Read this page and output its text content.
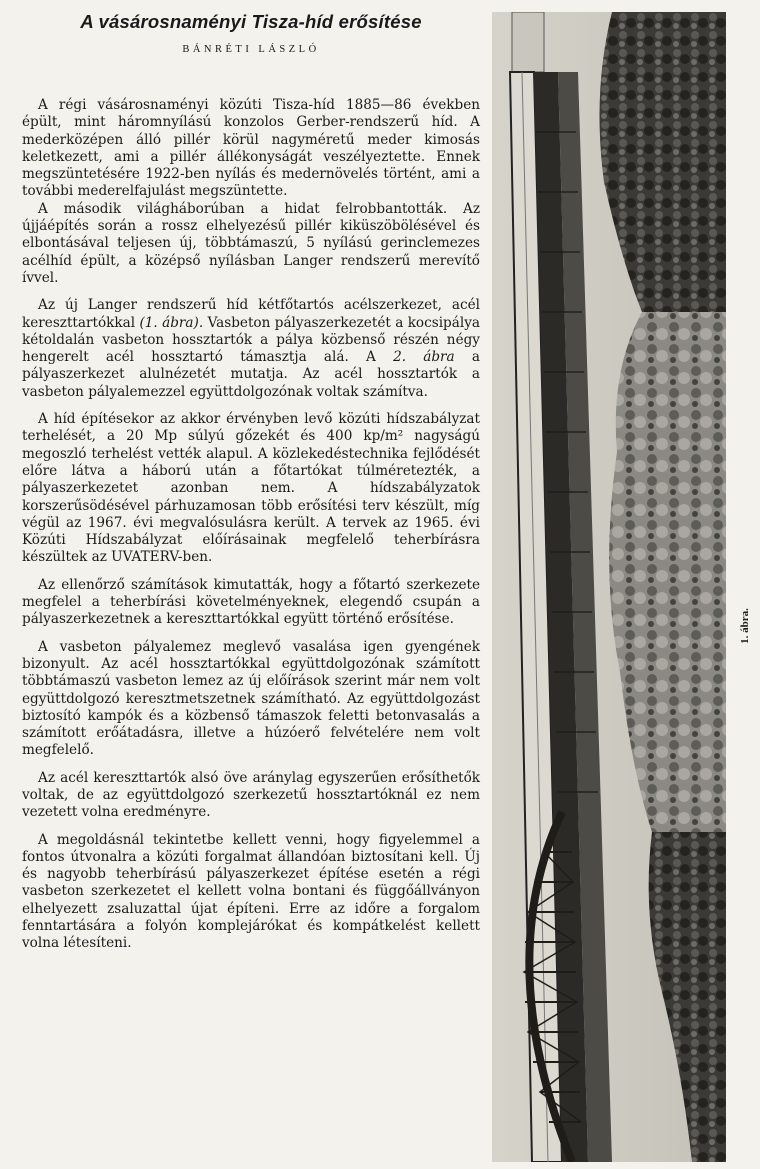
A vásárosnaményi Tisza-híd erősítése
BÁNRÉTI LÁSZLÓ

A régi vásárosnaményi közúti Tisza-híd 1885—86 években épült, mint háromnyílású konzolos Gerber-rendszerű híd. A mederközépen álló pillér körül nagyméretű meder kimosás keletkezett, ami a pillér állékonyságát veszélyeztette. Ennek megszüntetésére 1922-ben nyílás és medernövelés történt, ami a további mederelfajulást megszüntette.

A második világháborúban a hidat felrobbantották. Az újjáépítés során a rossz elhelyezésű pillér kiküszöbölésével és elbontásával teljesen új, többtámaszú, 5 nyílású gerinclemezes acélhíd épült, a középső nyílásban Langer rendszerű merevítő ívvel.

Az új Langer rendszerű híd kétfőtartós acélszerkezet, acél kereszttartókkal (1. ábra). Vasbeton pályaszerkezetét a kocsipálya kétoldalán vasbeton hossztartók a pálya közbenső részén négy hengerelt acél hossztartó támasztja alá. A 2. ábra a pályaszerkezet alulnézetét mutatja. Az acél hossztartók a vasbeton pályalemezzel együttdolgozónak voltak számítva.

A híd építésekor az akkor érvényben levő közúti hídszabályzat terhelését, a 20 Mp súlyú gőzekét és 400 kp/m² nagyságú megoszló terhelést vették alapul. A közlekedéstechnika fejlődését előre látva a háború után a főtartókat túlméretezték, a pályaszerkezetet azonban nem. A hídszabályzatok korszerűsödésével párhuzamosan több erősítési terv készült, míg végül az 1967. évi megvalósulásra került. A tervek az 1965. évi Közúti Hídszabályzat előírásainak megfelelő teherbírásra készültek az UVATERV-ben.

Az ellenőrző számítások kimutatták, hogy a főtartó szerkezete megfelel a teherbírási követelményeknek, elegendő csupán a pályaszerkezetnek a kereszttartókkal együtt történő erősítése.

A vasbeton pályalemez meglevő vasalása igen gyengének bizonyult. Az acél hossztartókkal együttdolgozónak számított többtámaszú vasbeton lemez az új előírások szerint már nem volt együttdolgozó keresztmetszetnek számítható. Az együttdolgozást biztosító kampók és a közbenső támaszok feletti betonvasalás a számított erőátadásra, illetve a húzóerő felvételére nem volt megfelelő.

Az acél kereszttartók alsó öve aránylag egyszerűen erősíthetők voltak, de az együttdolgozó szerkezetű hossztartóknál ez nem vezetett volna eredményre.

A megoldásnál tekintetbe kellett venni, hogy figyelemmel a fontos útvonalra a közúti forgalmat állandóan biztosítani kell. Új és nagyobb teherbírású pályaszerkezet építése esetén a régi vasbeton szerkezetet el kellett volna bontani és függőállványon elhelyezett zsaluzattal újat építeni. Erre az időre a forgalom fenntartására a folyón komplejárókat és kompátkelést kellett volna létesíteni.

1. ábra.
